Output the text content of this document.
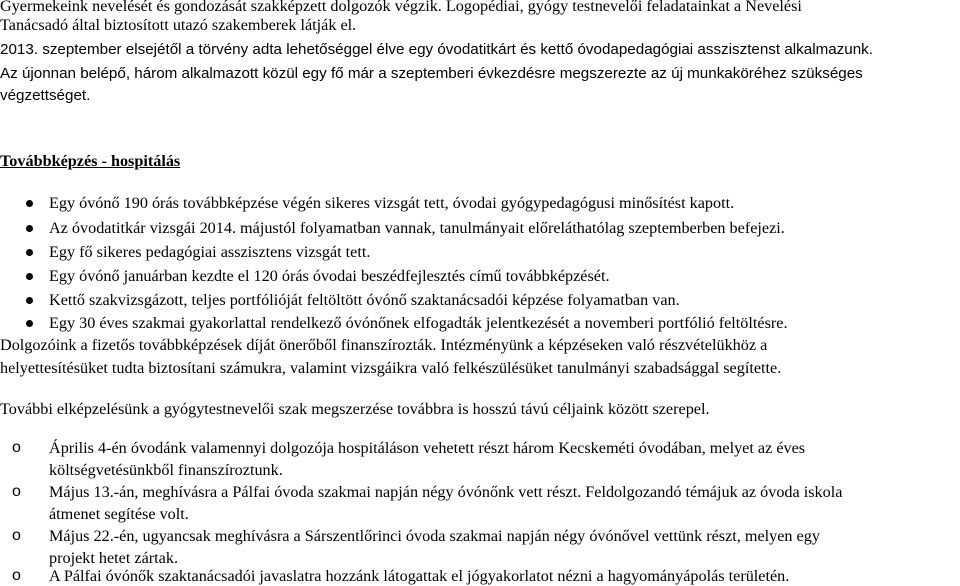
Gyermekeink nevelését és gondozását szakképzett dolgozók végzik. Logopédiai, gyógy testnevelői feladatainkat a Nevelési
Tanácsadó által biztosított utazó szakemberek látják el.
2013. szeptember elsejétől a törvény adta lehetőséggel élve egy óvodatitkárt és kettő óvodapedagógiai asszisztenst alkalmazunk.
Az újonnan belépő, három alkalmazott közül egy fő már a szeptemberi évkezdésre megszerezte az új munkaköréhez szükséges
végzettséget.
Továbbképzés - hospitálás
Egy óvónő 190 órás továbbképzése végén sikeres vizsgát tett, óvodai gyógypedagógusi minősítést kapott.
Az óvodatitkár vizsgái 2014. májustól folyamatban vannak, tanulmányait előreláthatólag szeptemberben befejezi.
Egy fő sikeres pedagógiai asszisztens vizsgát tett.
Egy óvónő januárban kezdte el 120 órás óvodai beszédfejlesztés című továbbképzését.
Kettő szakvizsgázott, teljes portfólióját feltöltött óvónő szaktanácsadói képzése folyamatban van.
Egy 30 éves szakmai gyakorlattal rendelkező óvónőnek elfogadták jelentkezését a novemberi portfólió feltöltésre.
Dolgozóink a fizetős továbbképzések díját önerőből finanszírozták. Intézményünk a képzéseken való részvételükhöz a
helyettesítésüket tudta biztosítani számukra, valamint vizsgáikra való felkészülésüket tanulmányi szabadsággal segítette.
További elképzelésünk a gyógytestnevelői szak megszerzése továbbra is hosszú távú céljaink között szerepel.
o Április 4-én óvodánk valamennyi dolgozója hospitáláson vehetett részt három Kecskeméti óvodában, melyet az éves
költségvetésünkből finanszíroztunk.
o Május 13.-án, meghívásra a Pálfai óvoda szakmai napján négy óvónőnk vett részt. Feldolgozandó témájuk az óvoda iskola
átmenet segítése volt.
o Május 22.-én, ugyancsak meghívásra a Sárszentlőrinci óvoda szakmai napján négy óvónővel vettünk részt, melyen egy
projekt hetet zártak.
o A Pálfai óvónők szaktanácsadói javaslatra hozzánk látogattak el jógyakorlatot nézni a hagyományápolás területén.
